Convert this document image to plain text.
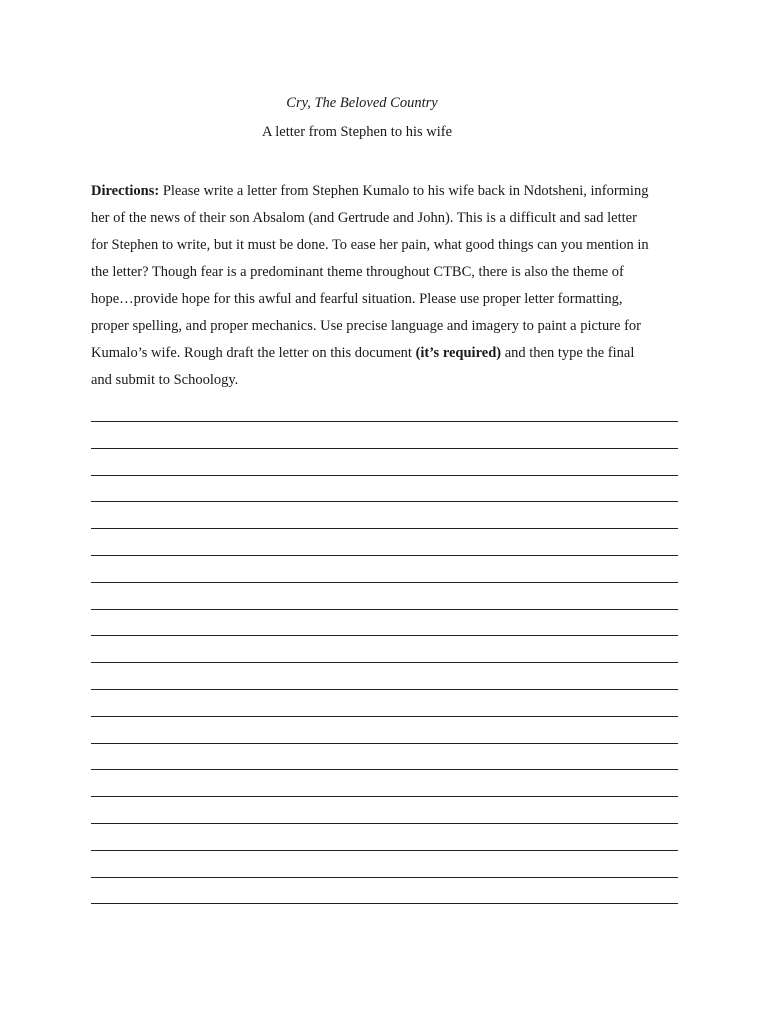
Cry, The Beloved Country
A letter from Stephen to his wife

Directions: Please write a letter from Stephen Kumalo to his wife back in Ndotsheni, informing
her of the news of their son Absalom (and Gertrude and John). This is a difficult and sad letter
for Stephen to write, but it must be done. To ease her pain, what good things can you mention in
the letter? Though fear is a predominant theme throughout CTBC, there is also the theme of
hope…provide hope for this awful and fearful situation. Please use proper letter formatting,
proper spelling, and proper mechanics. Use precise language and imagery to paint a picture for
Kumalo’s wife. Rough draft the letter on this document (it’s required) and then type the final
and submit to Schoology.
